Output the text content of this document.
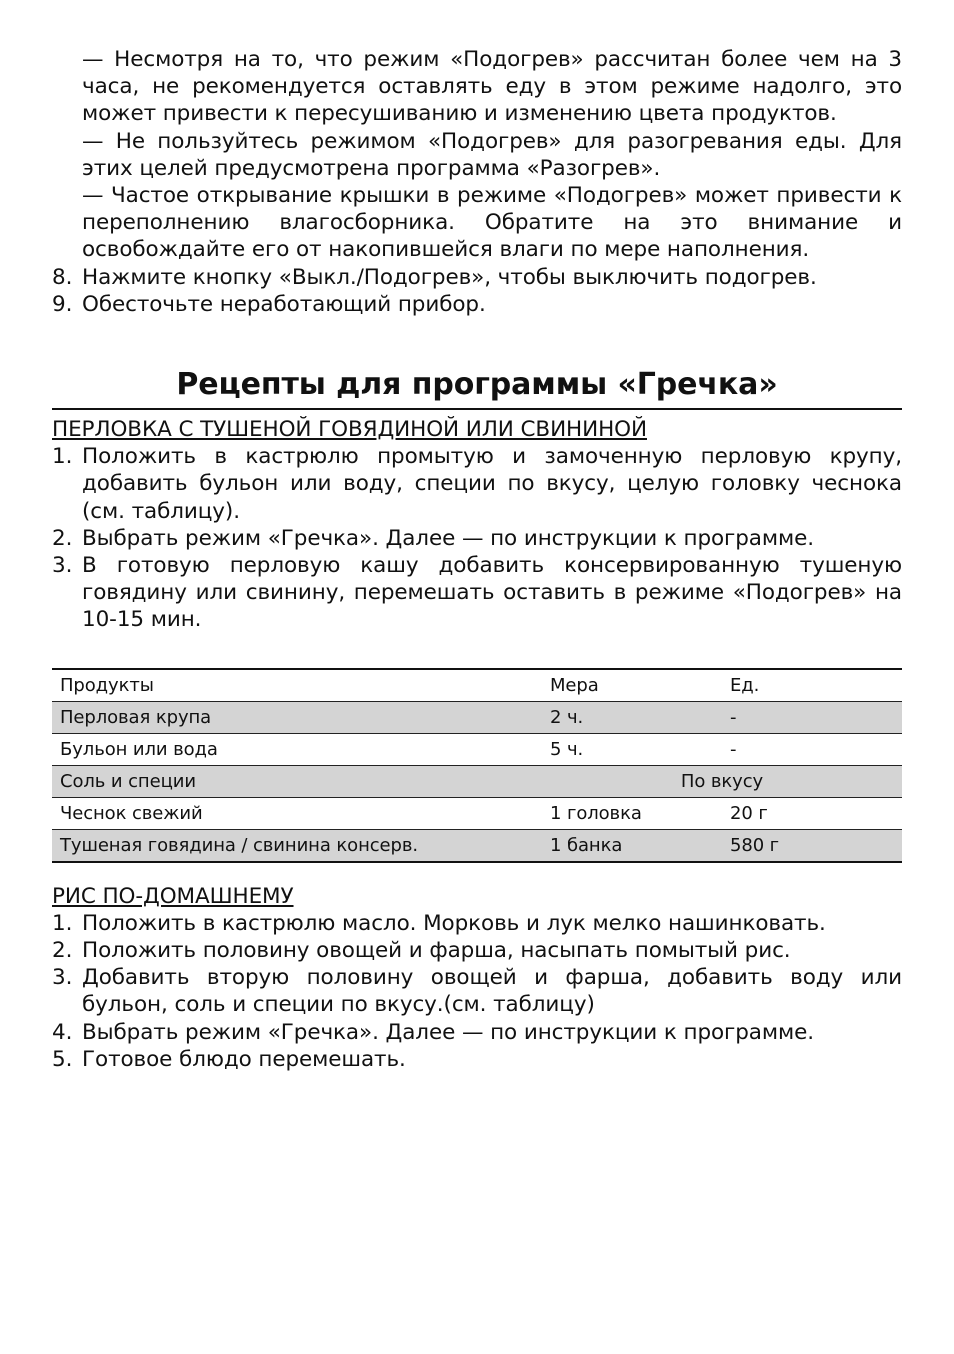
— Несмотря на то, что режим «Подогрев» рассчитан более чем на 3 часа, не рекомендуется оставлять еду в этом режиме надолго, это может привести к пересушиванию и изменению цвета продуктов.

— Не пользуйтесь режимом «Подогрев» для разогревания еды. Для этих целей предусмотрена программа «Разогрев».

— Частое открывание крышки в режиме «Подогрев» может привести к переполнению влагосборника. Обратите на это внимание и освобождайте его от накопившейся влаги по мере наполнения.

8. Нажмите кнопку «Выкл./Подогрев», чтобы выключить подогрев.
9. Обесточьте неработающий прибор.
Рецепты для программы «Гречка»
ПЕРЛОВКА С ТУШЕНОЙ ГОВЯДИНОЙ ИЛИ СВИНИНОЙ
1. Положить в кастрюлю промытую и замоченную перловую крупу, добавить бульон или воду, специи по вкусу, целую головку чеснока (см. таблицу).
2. Выбрать режим «Гречка». Далее — по инструкции к программе.
3. В готовую перловую кашу добавить консервированную тушеную говядину или свинину, перемешать оставить в режиме «Подогрев» на 10-15 мин.
Продукты	Мера	Ед.
Перловая крупа	2 ч.	-
Бульон или вода	5 ч.	-
Соль и специи	По вкусу	
Чеснок свежий	1 головка	20 г
Тушеная говядина / свинина консерв.	1 банка	580 г
РИС ПО-ДОМАШНЕМУ
1. Положить в кастрюлю масло. Морковь и лук мелко нашинковать.
2. Положить половину овощей и фарша, насыпать помытый рис.
3. Добавить вторую половину овощей и фарша, добавить воду или бульон, соль и специи по вкусу.(см. таблицу)
4. Выбрать режим «Гречка». Далее — по инструкции к программе.
5. Готовое блюдо перемешать.
